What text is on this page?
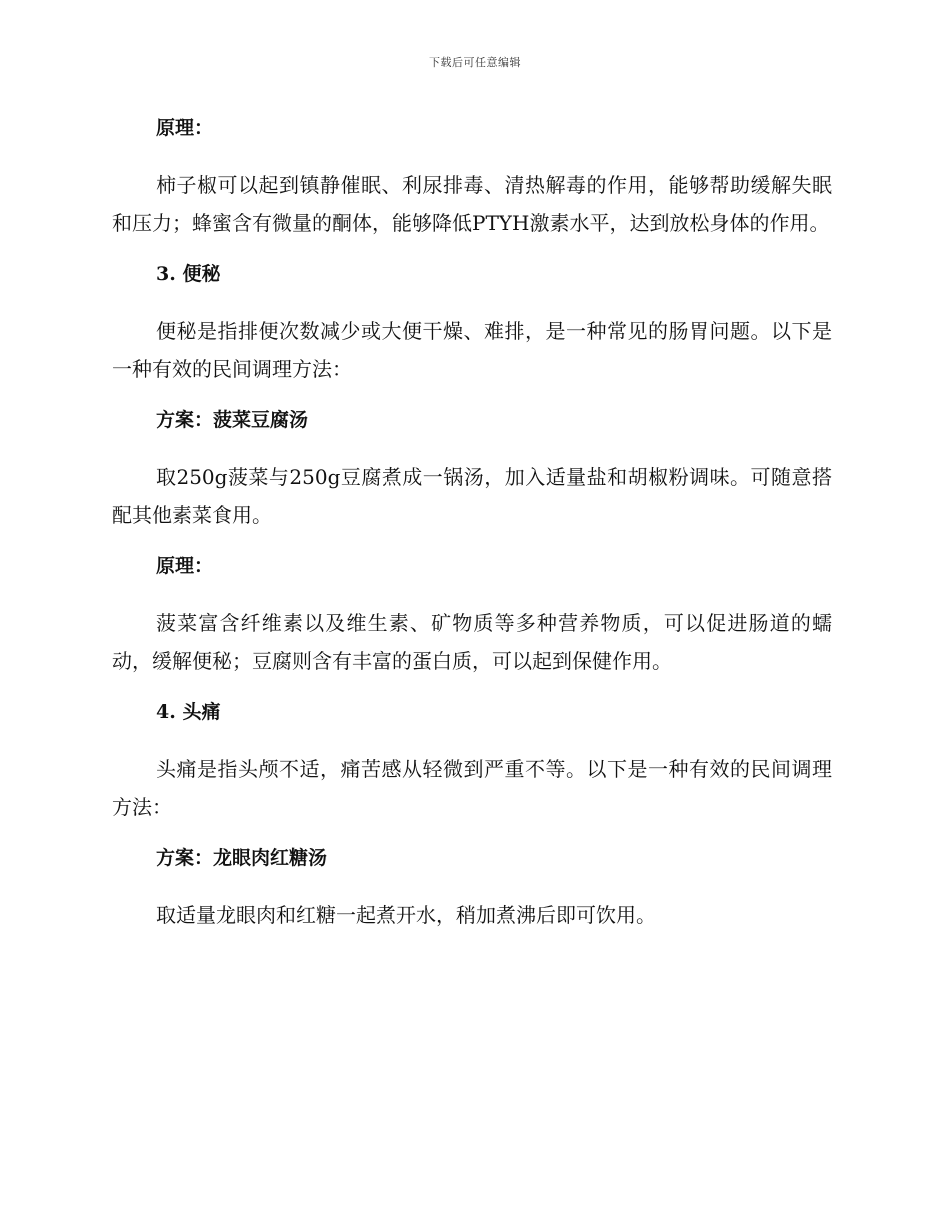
下载后可任意编辑
原理：

柿子椒可以起到镇静催眠、利尿排毒、清热解毒的作用，能够帮助缓解失眠和压力；蜂蜜含有微量的酮体，能够降低PTYH激素水平，达到放松身体的作用。

3. 便秘

便秘是指排便次数减少或大便干燥、难排，是一种常见的肠胃问题。以下是一种有效的民间调理方法：

方案：菠菜豆腐汤

取250g菠菜与250g豆腐煮成一锅汤，加入适量盐和胡椒粉调味。可随意搭配其他素菜食用。

原理：

菠菜富含纤维素以及维生素、矿物质等多种营养物质，可以促进肠道的蠕动，缓解便秘；豆腐则含有丰富的蛋白质，可以起到保健作用。

4. 头痛

头痛是指头颅不适，痛苦感从轻微到严重不等。以下是一种有效的民间调理方法：

方案：龙眼肉红糖汤

取适量龙眼肉和红糖一起煮开水，稍加煮沸后即可饮用。
